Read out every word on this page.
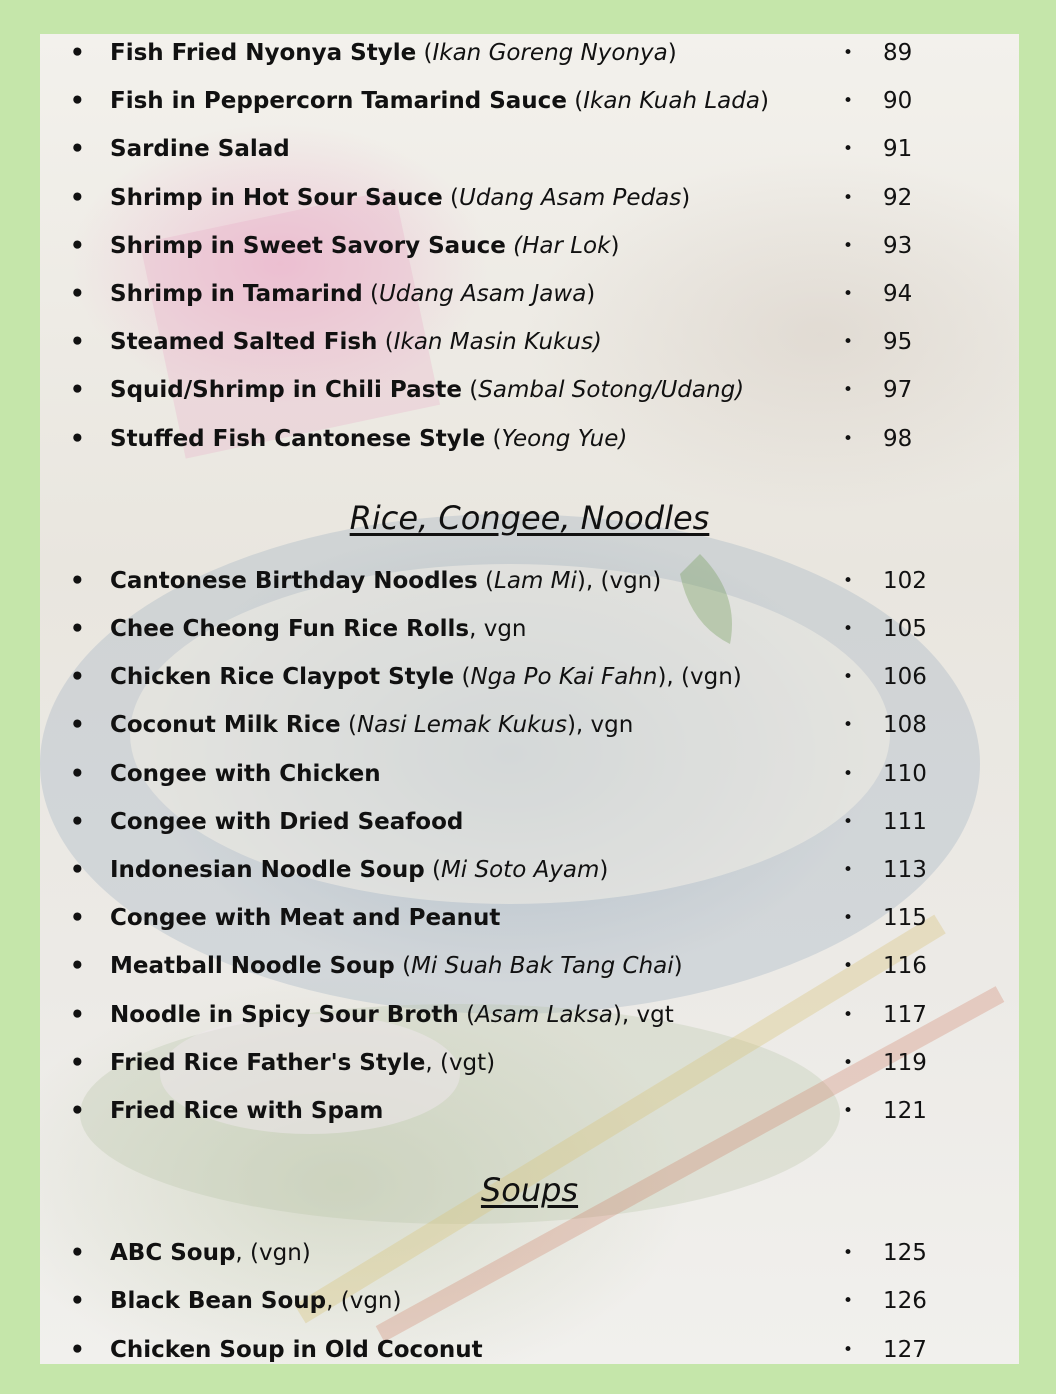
• Fish Fried Nyonya Style (Ikan Goreng Nyonya)	• 89
• Fish in Peppercorn Tamarind Sauce (Ikan Kuah Lada)	• 90
• Sardine Salad	• 91
• Shrimp in Hot Sour Sauce (Udang Asam Pedas)	• 92
• Shrimp in Sweet Savory Sauce (Har Lok)	• 93
• Shrimp in Tamarind (Udang Asam Jawa)	• 94
• Steamed Salted Fish (Ikan Masin Kukus)	• 95
• Squid/Shrimp in Chili Paste (Sambal Sotong/Udang)	• 97
• Stuffed Fish Cantonese Style (Yeong Yue)	• 98
Rice, Congee, Noodles
• Cantonese Birthday Noodles (Lam Mi), (vgn)	• 102
• Chee Cheong Fun Rice Rolls, vgn	• 105
• Chicken Rice Claypot Style (Nga Po Kai Fahn), (vgn)	• 106
• Coconut Milk Rice (Nasi Lemak Kukus), vgn	• 108
• Congee with Chicken	• 110
• Congee with Dried Seafood	• 111
• Indonesian Noodle Soup (Mi Soto Ayam)	• 113
• Congee with Meat and Peanut	• 115
• Meatball Noodle Soup (Mi Suah Bak Tang Chai)	• 116
• Noodle in Spicy Sour Broth (Asam Laksa), vgt	• 117
• Fried Rice Father's Style, (vgt)	• 119
• Fried Rice with Spam	• 121
Soups
• ABC Soup, (vgn)	• 125
• Black Bean Soup, (vgn)	• 126
• Chicken Soup in Old Coconut	• 127
